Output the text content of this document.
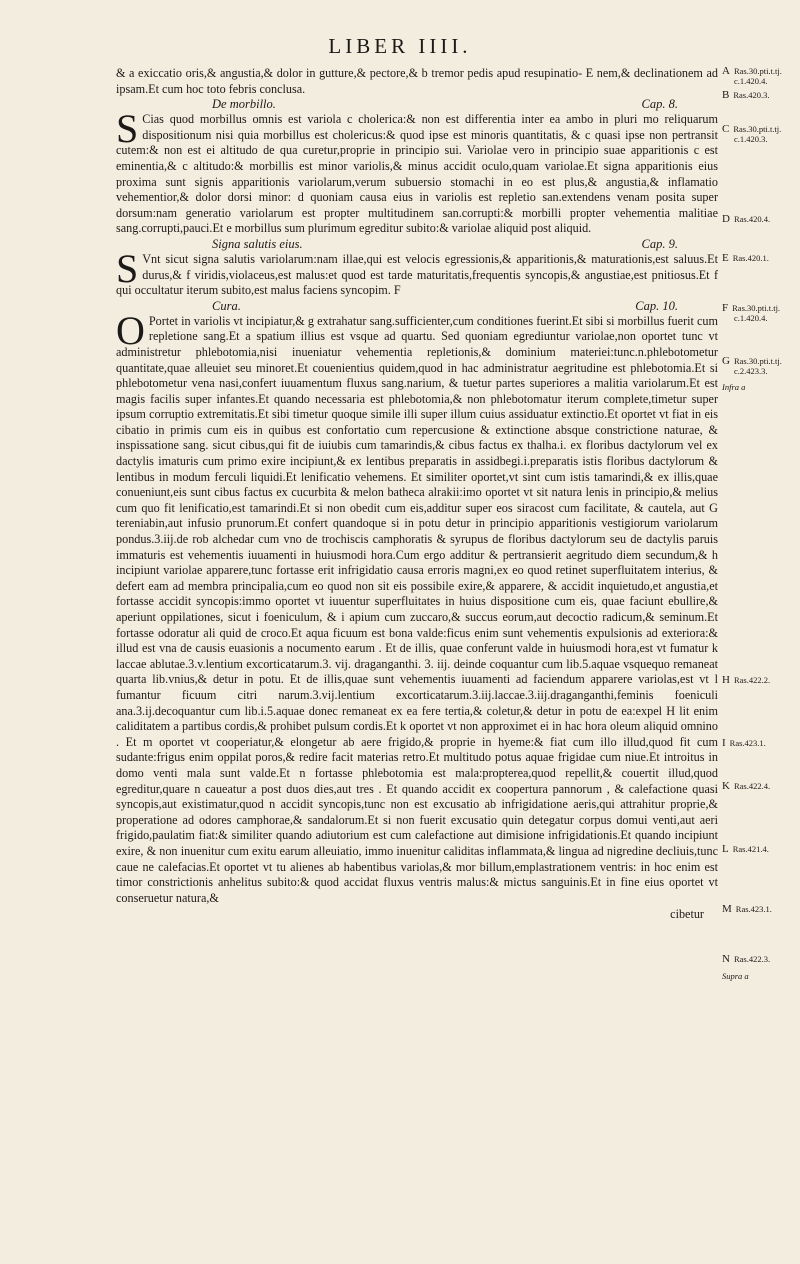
LIBER IIII.

& a exiccatio oris,& angustia,& dolor in gutture,& pectore,& b tremor pedis apud resupinatio- E nem,& declinationem ad ipsam.Et cum hoc toto febris conclusa.

De morbillo.	Cap. 8.

S Cias quod morbillus omnis est variola c cholerica:& non est differentia inter ea ambo in pluri mo reliquarum dispositionum nisi quia morbillus est cholericus:& quod ipse est minoris quantitatis, & c quasi ipse non pertransit cutem:& non est ei altitudo de qua curetur,proprie in principio sui. Variolae vero in principio suae apparitionis c est eminentia,& c altitudo:& morbillis est minor variolis,& minus accidit oculo,quam variolae.Et signa apparitionis eius proxima sunt signis apparitionis variolarum,verum subuersio stomachi in eo est plus,& angustia,& inflamatio vehementior,& dolor dorsi minor: d quoniam causa eius in variolis est repletio san.extendens venam posita super dorsum:nam generatio variolarum est propter multitudinem san.corrupti:& morbilli propter vehementia malitiae sang.corrupti,pauci.Et e morbillus sum plurimum egreditur subito:& variolae aliquid post aliquid.

Signa salutis eius.	Cap. 9.

S Vnt sicut signa salutis variolarum:nam illae,qui est velocis egressionis,& apparitionis,& maturationis,est saluus.Et durus,& f viridis,violaceus,est malus:et quod est tarde maturitatis,frequentis syncopis,& angustiae,est pnitiosus.Et f qui occultatur iterum subito,est malus faciens syncopim. F

Cura.	Cap. 10.

O Portet in variolis vt incipiatur,& g extrahatur sang.sufficienter,cum conditiones fuerint.Et sibi si morbillus fuerit cum repletione sang.Et a spatium illius est vsque ad quartu. Sed quoniam egrediuntur variolae,non oportet tunc vt administretur phlebotomia,nisi inueniatur vehementia repletionis,& dominium materiei:tunc.n.phlebotometur quantitate,quae alleuiet seu minoret.Et couenientius quidem,quod in hac administratur aegritudine est phlebotomia.Et si phlebotometur vena nasi,confert iuuamentum fluxus sang.narium, & tuetur partes superiores a malitia variolarum.Et est magis facilis super infantes.Et quando necessaria est phlebotomia,& non phlebotomatur iterum complete,timetur super ipsum corruptio extremitatis.Et sibi timetur quoque simile illi super illum cuius assiduatur extinctio.Et oportet vt fiat in eis cibatio in primis cum eis in quibus est confortatio cum repercusione & extinctione absque constrictione naturae, & inspissatione sang. sicut cibus,qui fit de iuiubis cum tamarindis,& cibus factus ex thalha.i. ex floribus dactylorum vel ex dactylis imaturis cum primo exire incipiunt,& ex lentibus preparatis in assidbegi.i.preparatis istis floribus dactylorum & lentibus in modum ferculi liquidi.Et lenificatio vehemens. Et similiter oportet,vt sint cum istis tamarindi,& ex illis,quae conueniunt,eis sunt cibus factus ex cucurbita & melon batheca alrakii:imo oportet vt sit natura lenis in principio,& melius cum quo fit lenificatio,est tamarindi.Et si non obedit cum eis,additur super eos siracost cum facilitate, & cautela, aut G tereniabin,aut infusio prunorum.Et confert quandoque si in potu detur in principio apparitionis vestigiorum variolarum pondus.3.iij.de rob alchedar cum vno de trochiscis camphoratis & syrupus de floribus dactylorum seu de dactylis paruis immaturis est vehementis iuuamenti in huiusmodi hora.Cum ergo additur & pertransierit aegritudo diem secundum,& h incipiunt variolae apparere,tunc fortasse erit infrigidatio causa erroris magni,ex eo quod retinet superfluitatem interius, & defert eam ad membra principalia,cum eo quod non sit eis possibile exire,& apparere, & accidit inquietudo,et angustia,et fortasse accidit syncopis:immo oportet vt iuuentur superfluitates in huius dispositione cum eis, quae faciunt ebullire,& aperiunt oppilationes, sicut i foeniculum, & i apium cum zuccaro,& succus eorum,aut decoctio radicum,& seminum.Et fortasse odoratur ali quid de croco.Et aqua ficuum est bona valde:ficus enim sunt vehementis expulsionis ad exteriora:& illud est vna de causis euasionis a nocumento earum . Et de illis, quae conferunt valde in huiusmodi hora,est vt fumatur k laccae ablutae.3.v.lentium excorticatarum.3. vij. draganganthi. 3. iij. deinde coquantur cum lib.5.aquae vsquequo remaneat quarta lib.vnius,& detur in potu. Et de illis,quae sunt vehementis iuuamenti ad faciendum apparere variolas,est vt l fumantur ficuum citri narum.3.vij.lentium excorticatarum.3.iij.laccae.3.iij.draganganthi,feminis foeniculi ana.3.ij.decoquantur cum lib.i.5.aquae donec remaneat ex ea fere tertia,& coletur,& detur in potu de ea:expel H lit enim caliditatem a partibus cordis,& prohibet pulsum cordis.Et k oportet vt non approximet ei in hac hora oleum aliquid omnino . Et m oportet vt cooperiatur,& elongetur ab aere frigido,& proprie in hyeme:& fiat cum illo illud,quod fit cum sudante:frigus enim oppilat poros,& redire facit materias retro.Et multitudo potus aquae frigidae cum niue.Et introitus in domo venti mala sunt valde.Et n fortasse phlebotomia est mala:propterea,quod repellit,& couertit illud,quod egreditur,quare n caueatur a post duos dies,aut tres . Et quando accidit ex coopertura pannorum , & calefactione quasi syncopis,aut existimatur,quod n accidit syncopis,tunc non est excusatio ab infrigidatione aeris,qui attrahitur proprie,& properatione ad odores camphorae,& sandalorum.Et si non fuerit excusatio quin detegatur corpus domui venti,aut aeri frigido,paulatim fiat:& similiter quando adiutorium est cum calefactione aut dimisione infrigidationis.Et quando incipiunt exire, & non inuenitur cum exitu earum alleuiatio, immo inuenitur caliditas inflammata,& lingua ad nigredine decliuis,tunc caue ne calefacias.Et oportet vt tu alienes ab habentibus variolas,& mor billum,emplastrationem ventris: in hoc enim est timor constrictionis anhelitus subito:& quod accidat fluxus ventris malus:& mictus sanguinis.Et in fine eius oportet vt conseruetur natura,&

cibetur
A Ras.30.pti.t.tj.
c.1.420.4.
B Ras.420.3.
C Ras.30.pti.t.tj.
c.1.420.3.
D Ras.420.4.
E Ras.420.1.
F Ras.30.pti.t.tj.
c.1.420.4.
G Ras.30.pti.t.tj.
c.2.423.3.
Infra a
H Ras.422.2.
I Ras.423.1.
K Ras.422.4.
L Ras.421.4.
M Ras.423.1.
N Ras.422.3.
Supra a
